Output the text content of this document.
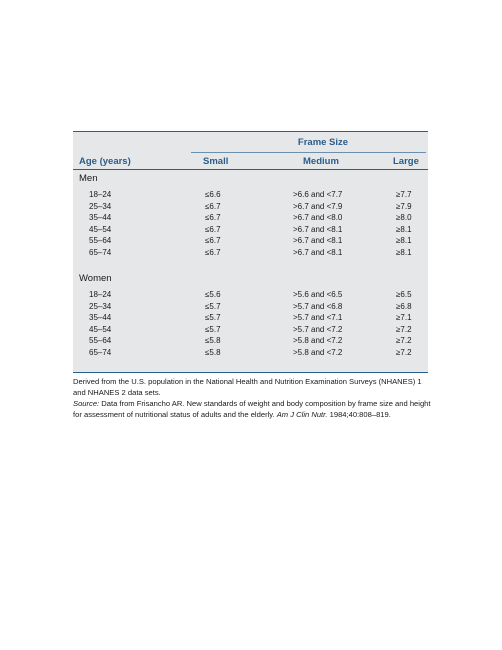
Frame Size
Age (years)	Small	Medium	Large
Men
18–24	≤6.6	>6.6 and <7.7	≥7.7
25–34	≤6.7	>6.7 and <7.9	≥7.9
35–44	≤6.7	>6.7 and <8.0	≥8.0
45–54	≤6.7	>6.7 and <8.1	≥8.1
55–64	≤6.7	>6.7 and <8.1	≥8.1
65–74	≤6.7	>6.7 and <8.1	≥8.1
Women
18–24	≤5.6	>5.6 and <6.5	≥6.5
25–34	≤5.7	>5.7 and <6.8	≥6.8
35–44	≤5.7	>5.7 and <7.1	≥7.1
45–54	≤5.7	>5.7 and <7.2	≥7.2
55–64	≤5.8	>5.8 and <7.2	≥7.2
65–74	≤5.8	>5.8 and <7.2	≥7.2
Derived from the U.S. population in the National Health and Nutrition Examination Surveys (NHANES) 1 and NHANES 2 data sets.
Source: Data from Frisancho AR. New standards of weight and body composition by frame size and height for assessment of nutritional status of adults and the elderly. Am J Clin Nutr. 1984;40:808–819.
